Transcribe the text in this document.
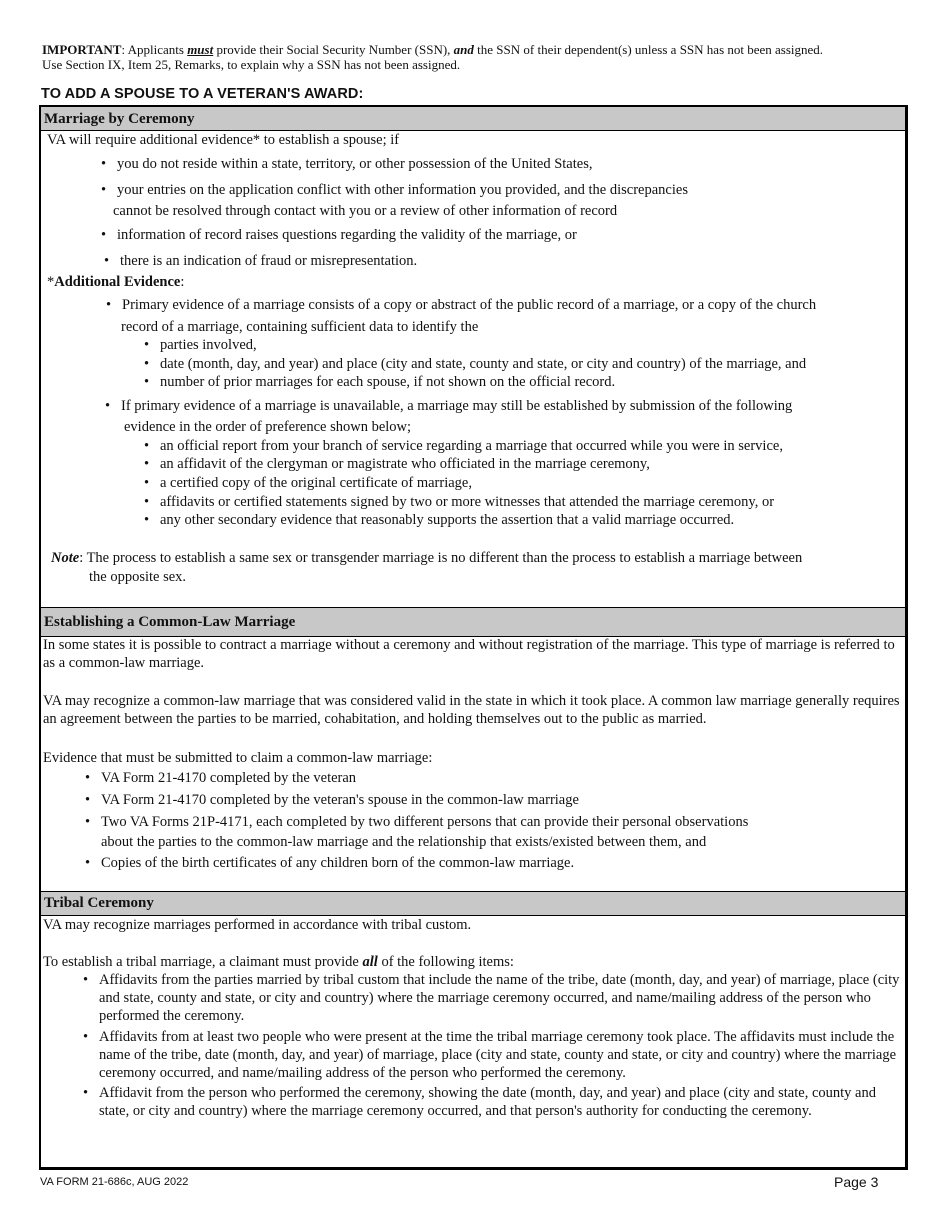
IMPORTANT: Applicants must provide their Social Security Number (SSN), and the SSN of their dependent(s) unless a SSN has not been assigned.
Use Section IX, Item 25, Remarks, to explain why a SSN has not been assigned.
TO ADD A SPOUSE TO A VETERAN'S AWARD:
Marriage by Ceremony
VA will require additional evidence* to establish a spouse; if
• you do not reside within a state, territory, or other possession of the United States,
• your entries on the application conflict with other information you provided, and the discrepancies
cannot be resolved through contact with you or a review of other information of record
• information of record raises questions regarding the validity of the marriage, or
• there is an indication of fraud or misrepresentation.
*Additional Evidence:
• Primary evidence of a marriage consists of a copy or abstract of the public record of a marriage, or a copy of the church
record of a marriage, containing sufficient data to identify the
• parties involved,
• date (month, day, and year) and place (city and state, county and state, or city and country) of the marriage, and
• number of prior marriages for each spouse, if not shown on the official record.
• If primary evidence of a marriage is unavailable, a marriage may still be established by submission of the following
evidence in the order of preference shown below;
• an official report from your branch of service regarding a marriage that occurred while you were in service,
• an affidavit of the clergyman or magistrate who officiated in the marriage ceremony,
• a certified copy of the original certificate of marriage,
• affidavits or certified statements signed by two or more witnesses that attended the marriage ceremony, or
• any other secondary evidence that reasonably supports the assertion that a valid marriage occurred.
Note: The process to establish a same sex or transgender marriage is no different than the process to establish a marriage between
the opposite sex.
Establishing a Common-Law Marriage
In some states it is possible to contract a marriage without a ceremony and without registration of the marriage. This type of marriage is referred to as a common-law marriage.
VA may recognize a common-law marriage that was considered valid in the state in which it took place. A common law marriage generally requires an agreement between the parties to be married, cohabitation, and holding themselves out to the public as married.
Evidence that must be submitted to claim a common-law marriage:
• VA Form 21-4170 completed by the veteran
• VA Form 21-4170 completed by the veteran's spouse in the common-law marriage
• Two VA Forms 21P-4171, each completed by two different persons that can provide their personal observations
about the parties to the common-law marriage and the relationship that exists/existed between them, and
• Copies of the birth certificates of any children born of the common-law marriage.
Tribal Ceremony
VA may recognize marriages performed in accordance with tribal custom.
To establish a tribal marriage, a claimant must provide all of the following items:
• Affidavits from the parties married by tribal custom that include the name of the tribe, date (month, day, and year) of marriage, place (city and state, county and state, or city and country) where the marriage ceremony occurred, and name/mailing address of the person who performed the ceremony.
• Affidavits from at least two people who were present at the time the tribal marriage ceremony took place. The affidavits must include the name of the tribe, date (month, day, and year) of marriage, place (city and state, county and state, or city and country) where the marriage ceremony occurred, and name/mailing address of the person who performed the ceremony.
• Affidavit from the person who performed the ceremony, showing the date (month, day, and year) and place (city and state, county and state, or city and country) where the marriage ceremony occurred, and that person's authority for conducting the ceremony.
VA FORM 21-686c, AUG 2022	Page 3
